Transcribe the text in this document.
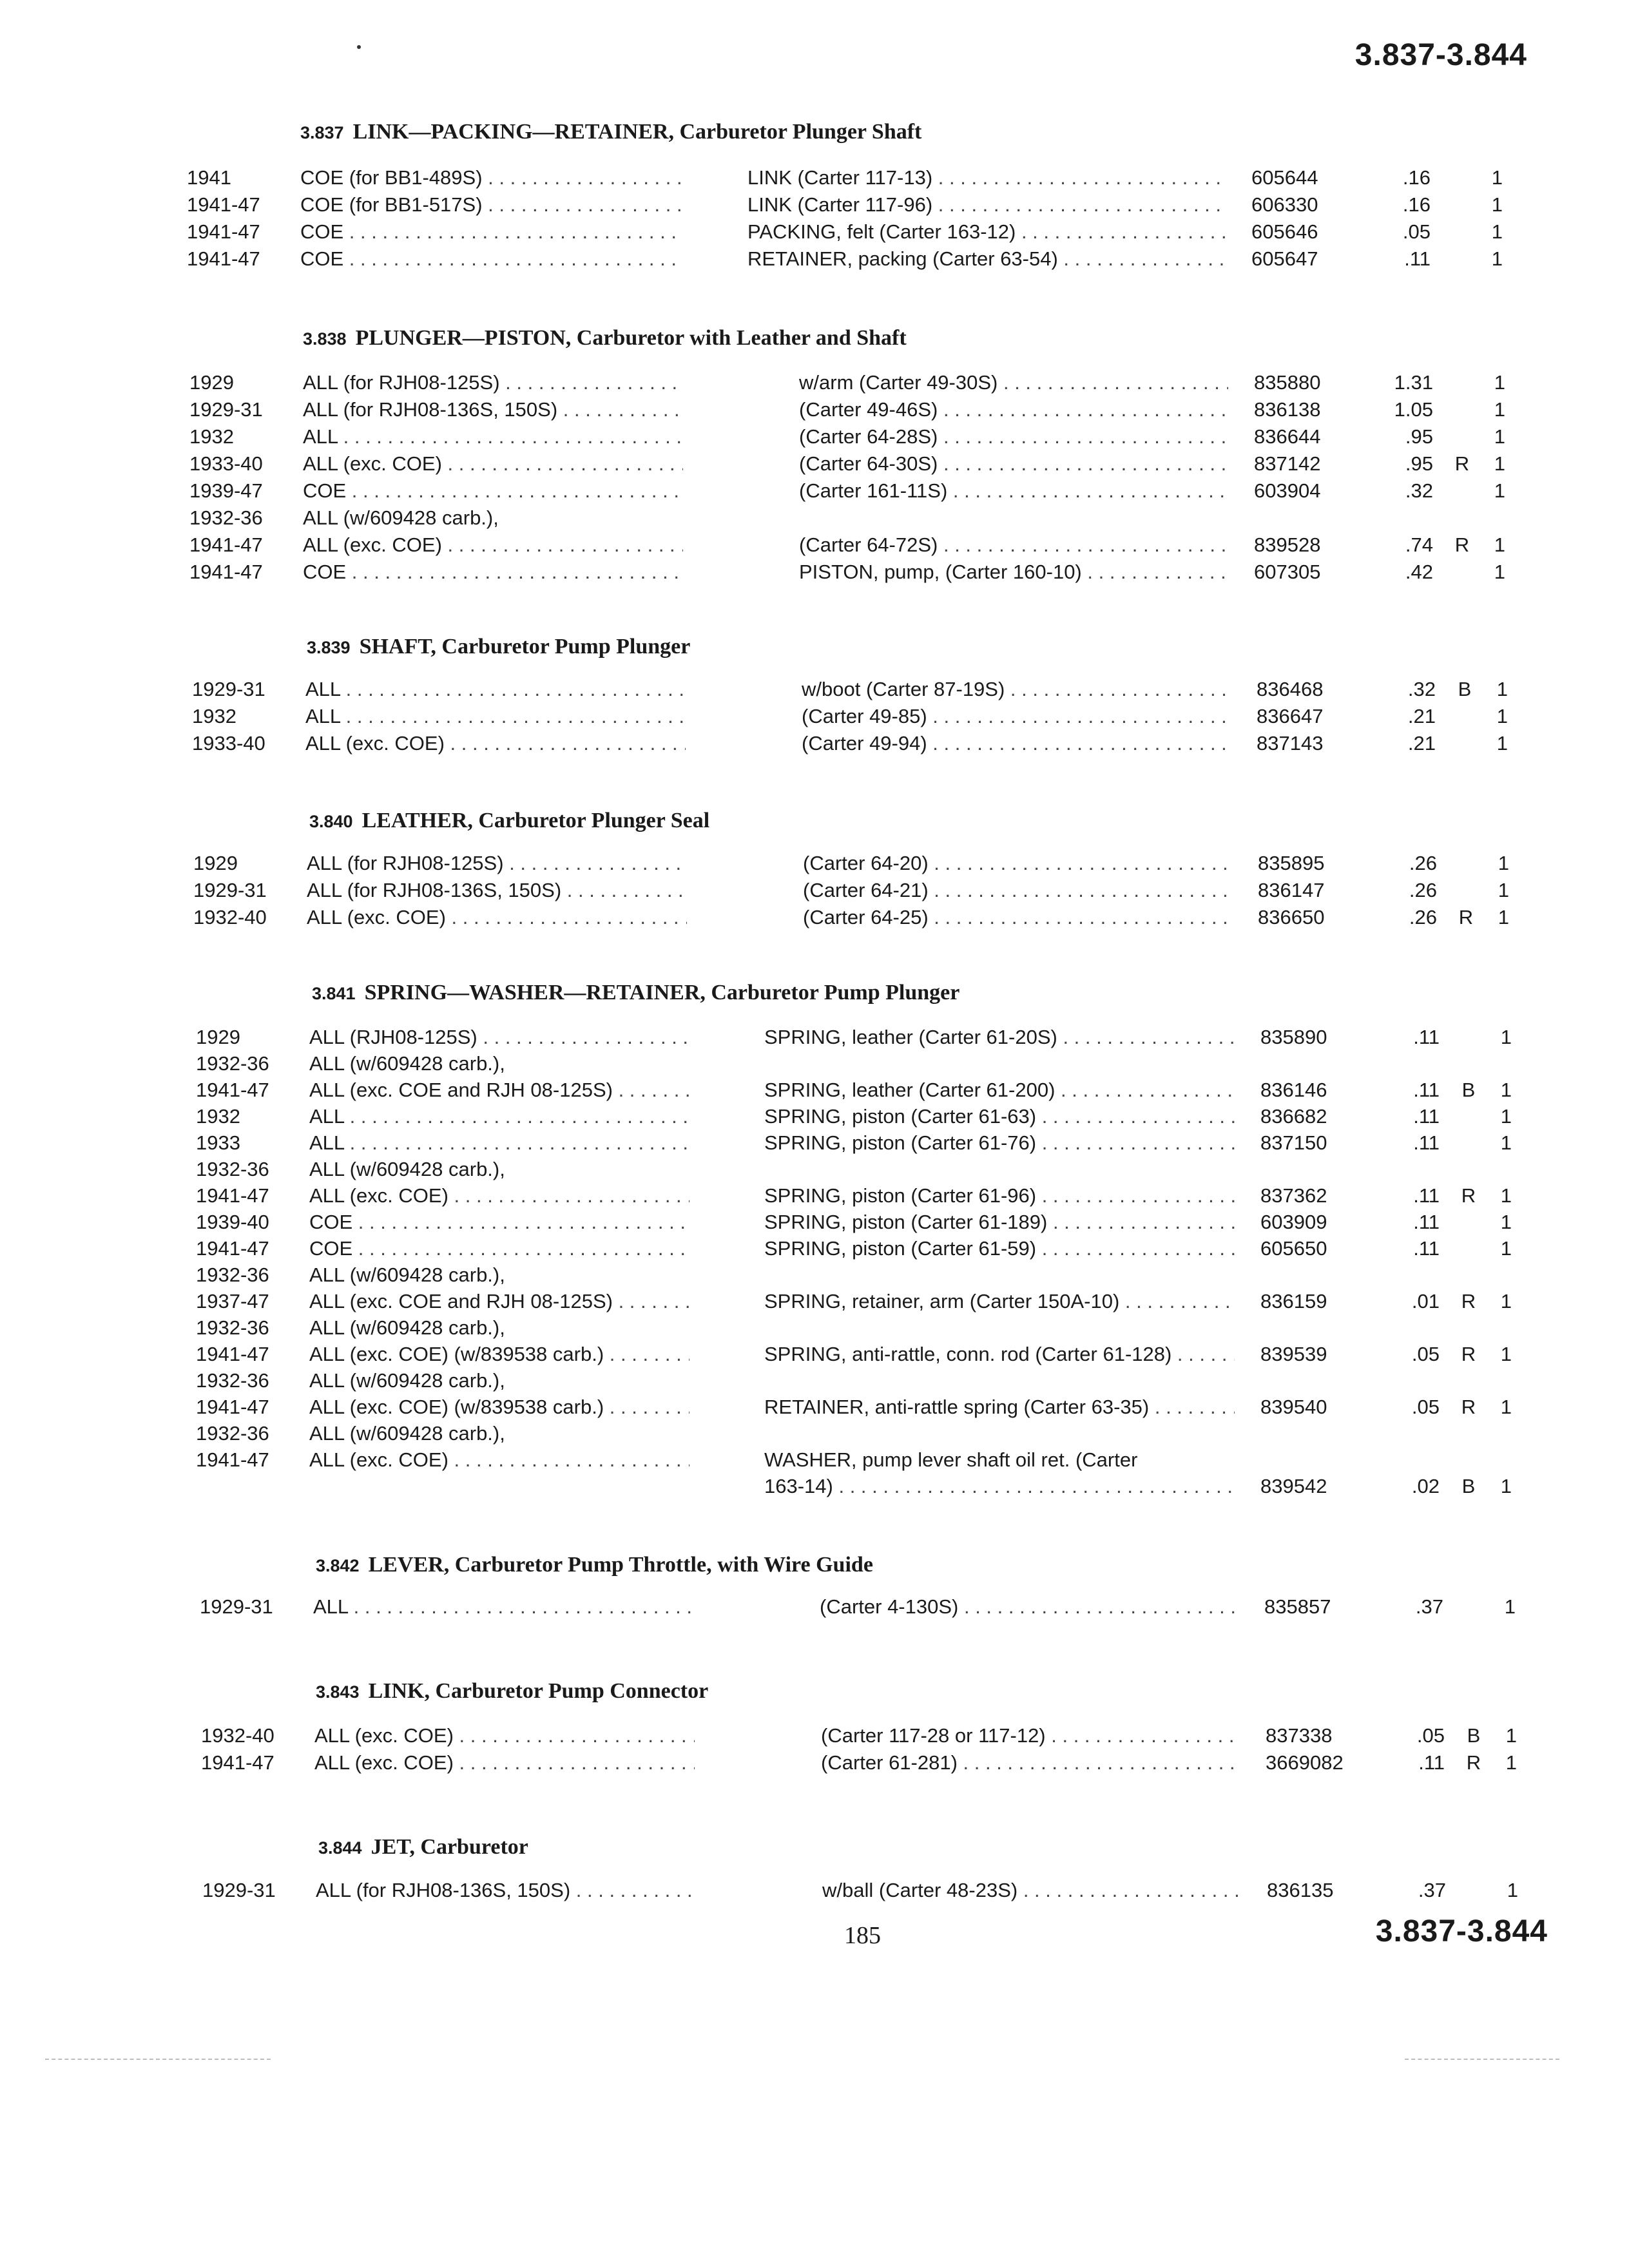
3.837-3.844
3.837 LINK—PACKING—RETAINER, Carburetor Plunger Shaft
1941	COE (for BB1-489S) . . .	LINK (Carter 117-13) . . .	605644	.16	1
1941-47 COE (for BB1-517S) . . .	LINK (Carter 117-96) . . .	606330	.16	1
1941-47 COE . . .	PACKING, felt (Carter 163-12) . . .	605646	.05	1
1941-47 COE . . .	RETAINER, packing (Carter 63-54) . . .	605647	.11	1
3.838 PLUNGER—PISTON, Carburetor with Leather and Shaft
1929	ALL (for RJH08-125S) . . .	w/arm (Carter 49-30S) . . .	835880	1.31	1
1929-31 ALL (for RJH08-136S, 150S) . . .	(Carter 49-46S) . . .	836138	1.05	1
1932	ALL . . .	(Carter 64-28S) . . .	836644	.95	1
1933-40 ALL (exc. COE) . . .	(Carter 64-30S) . . .	837142	.95 R 1
1939-47 COE . . .	(Carter 161-11S) . . .	603904	.32	1
1932-36 ALL (w/609428 carb.),
1941-47 ALL (exc. COE) . . .	(Carter 64-72S) . . .	839528	.74 R 1
1941-47 COE . . .	PISTON, pump, (Carter 160-10) . . .	607305	.42	1
3.839 SHAFT, Carburetor Pump Plunger
1929-31 ALL . . .	w/boot (Carter 87-19S) . . .	836468	.32 B 1
1932	ALL . . .	(Carter 49-85) . . .	836647	.21	1
1933-40 ALL (exc. COE) . . .	(Carter 49-94) . . .	837143	.21	1
3.840 LEATHER, Carburetor Plunger Seal
1929	ALL (for RJH08-125S) . . .	(Carter 64-20) . . .	835895	.26	1
1929-31 ALL (for RJH08-136S, 150S) . . .	(Carter 64-21) . . .	836147	.26	1
1932-40 ALL (exc. COE) . . .	(Carter 64-25) . . .	836650	.26 R 1
3.841 SPRING—WASHER—RETAINER, Carburetor Pump Plunger
1929	ALL (RJH08-125S) . . .	SPRING, leather (Carter 61-20S) . . .	835890	.11	1
1932-36 ALL (w/609428 carb.),
1941-47 ALL (exc. COE and RJH 08-125S) . . .	SPRING, leather (Carter 61-200) . . .	836146	.11 B 1
1932	ALL . . .	SPRING, piston (Carter 61-63) . . .	836682	.11	1
1933	ALL . . .	SPRING, piston (Carter 61-76) . . .	837150	.11	1
1932-36 ALL (w/609428 carb.),
1941-47 ALL (exc. COE) . . .	SPRING, piston (Carter 61-96) . . .	837362	.11 R 1
1939-40 COE . . .	SPRING, piston (Carter 61-189) . . .	603909	.11	1
1941-47 COE . . .	SPRING, piston (Carter 61-59) . . .	605650	.11	1
1932-36 ALL (w/609428 carb.),
1937-47 ALL (exc. COE and RJH 08-125S) . . .	SPRING, retainer, arm (Carter 150A-10) . . .	836159	.01 R 1
1932-36 ALL (w/609428 carb.),
1941-47 ALL (exc. COE) (w/839538 carb.) . . .	SPRING, anti-rattle, conn. rod (Carter 61-128) . . .	839539	.05 R 1
1932-36 ALL (w/609428 carb.),
1941-47 ALL (exc. COE) (w/839538 carb.) . . .	RETAINER, anti-rattle spring (Carter 63-35) . . .	839540	.05 R 1
1932-36 ALL (w/609428 carb.),
1941-47 ALL (exc. COE) . . .	WASHER, pump lever shaft oil ret. (Carter
163-14) . . .	839542	.02 B 1
3.842 LEVER, Carburetor Pump Throttle, with Wire Guide
1929-31 ALL . . .	(Carter 4-130S) . . .	835857	.37	1
3.843 LINK, Carburetor Pump Connector
1932-40 ALL (exc. COE) . . .	(Carter 117-28 or 117-12) . . .	837338	.05 B 1
1941-47 ALL (exc. COE) . . .	(Carter 61-281) . . .	3669082	.11 R 1
3.844 JET, Carburetor
1929-31 ALL (for RJH08-136S, 150S) . . .	w/ball (Carter 48-23S) . . .	836135	.37	1
185	3.837-3.844
